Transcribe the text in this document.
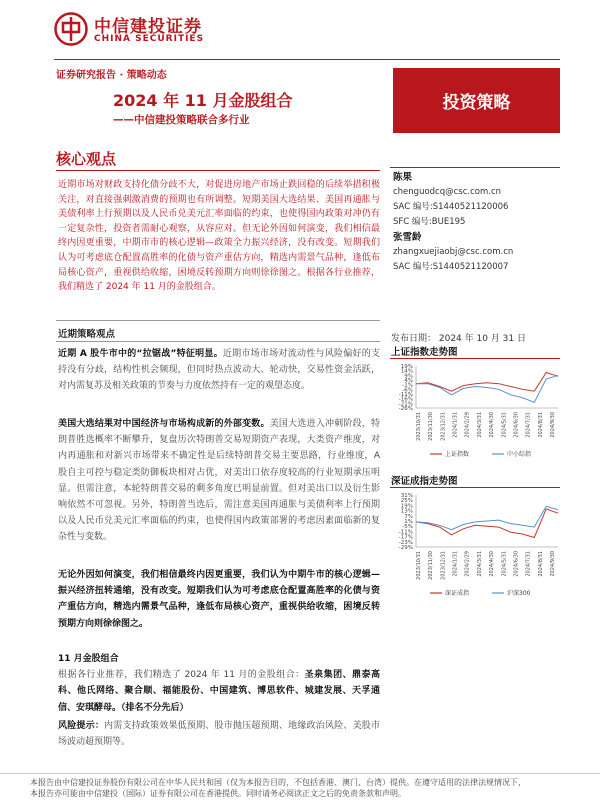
中信建投证券
CHINA SECURITIES
证券研究报告 · 策略动态
2024 年 11 月金股组合
——中信建投策略联合多行业
投资策略
核心观点
近期市场对财政支持化债分歧不大，对促进房地产市场止跌回稳的后续举措积极关注，对直接强刺激消费的预期也有所调整。短期美国大选结果、美国再通胀与美债利率上行预期以及人民币兑美元汇率面临的约束，也使得国内政策对冲仍有一定复杂性，投资者需耐心观察，从容应对。但无论外因如何演变，我们相信最终内因更重要，中期市市的核心逻辑—政策全力振兴经济，没有改变。短期我们认为可考虑底仓配置高胜率的化债与资产重估方向，精选内需景气品种，逢低布局核心资产，重视供给收缩，困境反转预期方向则徐徐图之。根据各行业推荐，我们精选了 2024 年 11 月的金股组合。
近期策略观点
近期 A 股牛市中的“拉锯战”特征明显。近期市场市场对流动性与风险偏好的支持没有分歧，结构性机会频现，但同时热点波动大、轮动快，交易性资金活跃，对内需复苏及相关政策的节奏与力度依然持有一定的观望态度。
美国大选结果对中国经济与市场构成新的外部变数。美国大选进入冲刺阶段，特朗普胜选概率不断攀升，复盘历次特朗普交易短期资产表现，大类资产维度，对内再通胀和对新兴市场带来不确定性是后续特朗普交易主要思路，行业维度，A 股自主可控与稳定类防御板块相对占优，对美出口依存度较高的行业短期承压明显。但需注意，本轮特朗普交易的剩多角度已明显前置。但对美出口以及衍生影响依然不可忽视。另外，特朗普当选后，需注意美国再通胀与美债利率上行预期以及人民币兑美元汇率面临的约束，也使得国内政策部署的考虑因素面临新的复杂性与变数。
无论外因如何演变，我们相信最终内因更重要，我们认为中期牛市的核心逻辑—振兴经济扭转通缩，没有改变。短期我们认为可考虑底仓配置高胜率的化债与资产重估方向，精选内需景气品种，逢低布局核心资产，重视供给收缩，困境反转预期方向则徐徐图之。
11 月金股组合
根据各行业推荐，我们精选了 2024 年 11 月的金股组合：圣泉集团、鼎泰高科、他氏网络、聚合顺、福能股份、中国建筑、博思软件、城建发展、天孚通信、安琪酵母。（排名不分先后）
风险提示：内需支持政策效果低预期、股市抛压超预期、地缘政治风险、美股市场波动超预期等。
陈果
chenguodcq@csc.com.cn
SAC 编号:S1440521120006
SFC 编号:BUE195
张雪龄
zhangxuejiaobj@csc.com.cn
SAC 编号:S1440521120007
发布日期： 2024 年 10 月 31 日
上证指数走势图
19%
14%
9%
4%
-1%
-6%
-11%
-16%
-21%
-26%
2023/10/31 2023/11/30 2023/12/31 2024/1/31 2024/2/29 2024/3/31 2024/4/30 2024/5/31 2024/6/30 2024/7/31 2024/8/31 2024/9/30
上证指数	中小综指
深证成指走势图
31%
25%
19%
13%
7%
1%
-5%
-11%
-17%
-23%
-29%
2023/10/31 2023/11/30 2023/12/31 2024/1/31 2024/2/29 2024/3/31 2024/4/30 2024/5/31 2024/6/30 2024/7/31 2024/8/31 2024/9/30
深证成指	沪深300
本报告由中信建投证券股份有限公司在中华人民共和国（仅为本报告目的，不包括香港、澳门、台湾）提供。在遵守适用的法律法规情况下，
本报告亦可能由中信建投（国际）证券有限公司在香港提供。同时请务必阅读正文之后的免责条款和声明。
